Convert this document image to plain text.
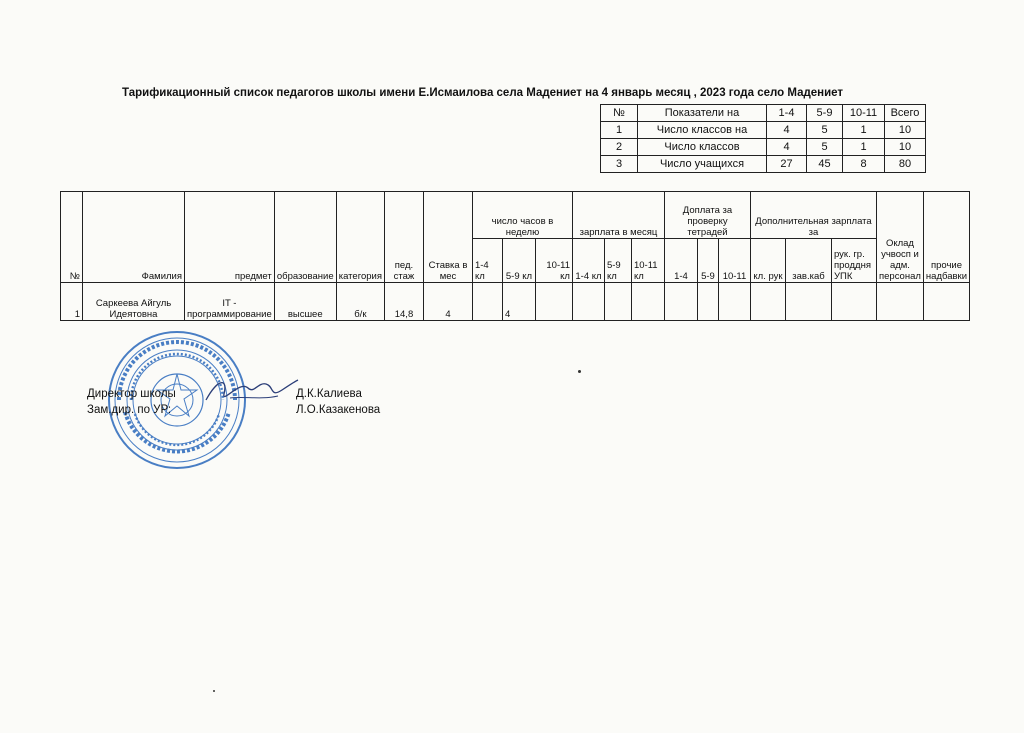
Тарификационный список педагогов школы имени Е.Исмаилова села Мадениет на 4 январь месяц , 2023 года село Мадениет
№	Показатели на	1-4	5-9	10-11	Всего
1	Число классов на	4	5	1	10
2	Число классов	4	5	1	10
3	Число учащихся	27	45	8	80
№	Фамилия	предмет	образование	категория	пед. стаж	Ставка в мес	число часов в неделю			зарплата в месяц			Доплата за проверку тетрадей			Дополнительная зарплата за			Оклад учвосп и адм. персонал	прочие надбавки
							1-4 кл	5-9 кл	10-11 кл	1-4 кл	5-9 кл	10-11 кл	1-4	5-9	10-11	кл. рук	зав.каб	рук. гр. проддня УПК		
1	Саркеева Айгуль Идеятовна	IT - программирование	высшее	б/к	14,8	4		4												
Директор школы	Д.К.Калиева
Зам.дир. по УР:	Л.О.Казакенова
